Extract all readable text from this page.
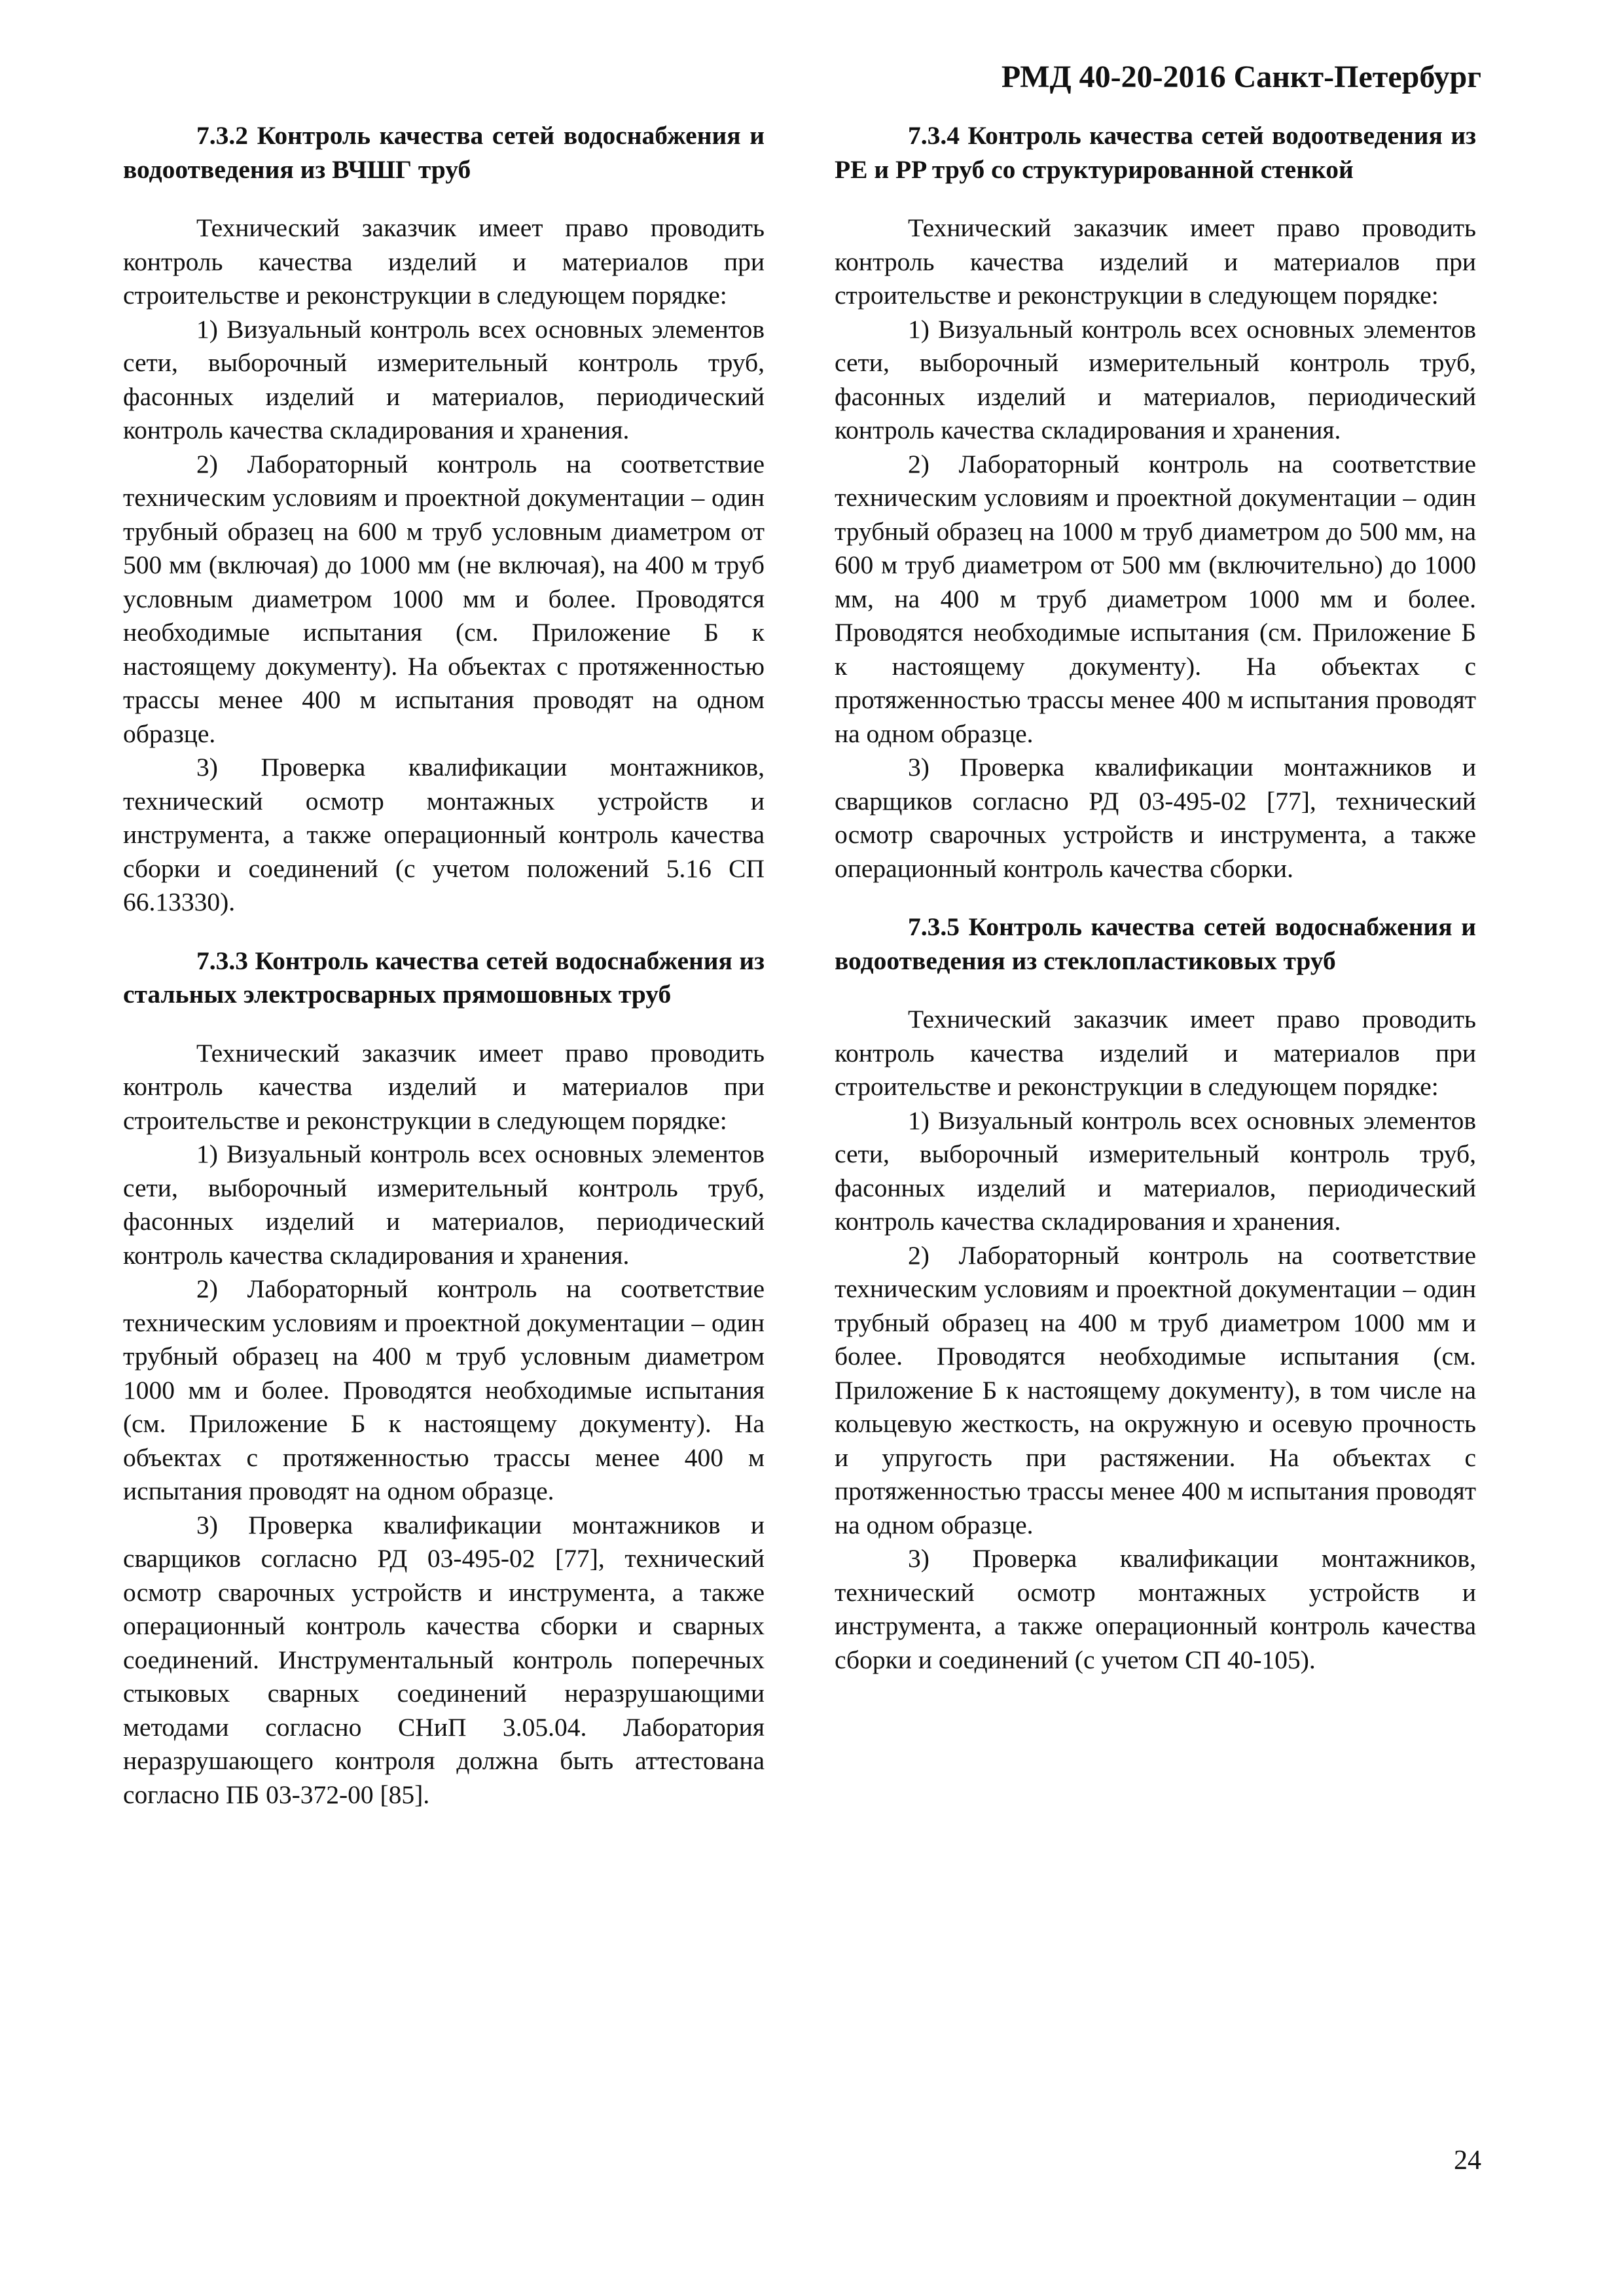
РМД 40-20-2016 Санкт-Петербург

7.3.2 Контроль качества сетей водоснабжения и водоотведения из ВЧШГ труб

Технический заказчик имеет право проводить контроль качества изделий и материалов при строительстве и реконструкции в следующем порядке:

1) Визуальный контроль всех основных элементов сети, выборочный измерительный контроль труб, фасонных изделий и материалов, периодический контроль качества складирования и хранения.

2) Лабораторный контроль на соответствие техническим условиям и проектной документации – один трубный образец на 600 м труб условным диаметром от 500 мм (включая) до 1000 мм (не включая), на 400 м труб условным диаметром 1000 мм и более. Проводятся необходимые испытания (см. Приложение Б к настоящему документу). На объектах с протяженностью трассы менее 400 м испытания проводят на одном образце.

3) Проверка квалификации монтажников, технический осмотр монтажных устройств и инструмента, а также операционный контроль качества сборки и соединений (с учетом положений 5.16 СП 66.13330).

7.3.3 Контроль качества сетей водоснабжения из стальных электросварных прямошовных труб

Технический заказчик имеет право проводить контроль качества изделий и материалов при строительстве и реконструкции в следующем порядке:

1) Визуальный контроль всех основных элементов сети, выборочный измерительный контроль труб, фасонных изделий и материалов, периодический контроль качества складирования и хранения.

2) Лабораторный контроль на соответствие техническим условиям и проектной документации – один трубный образец на 400 м труб условным диаметром 1000 мм и более. Проводятся необходимые испытания (см. Приложение Б к настоящему документу). На объектах с протяженностью трассы менее 400 м испытания проводят на одном образце.

3) Проверка квалификации монтажников и сварщиков согласно РД 03-495-02 [77], технический осмотр сварочных устройств и инструмента, а также операционный контроль качества сборки и сварных соединений. Инструментальный контроль поперечных стыковых сварных соединений неразрушающими методами согласно СНиП 3.05.04. Лаборатория неразрушающего контроля должна быть аттестована согласно ПБ 03-372-00 [85].

7.3.4 Контроль качества сетей водоотведения из PE и PP труб со структурированной стенкой

Технический заказчик имеет право проводить контроль качества изделий и материалов при строительстве и реконструкции в следующем порядке:

1) Визуальный контроль всех основных элементов сети, выборочный измерительный контроль труб, фасонных изделий и материалов, периодический контроль качества складирования и хранения.

2) Лабораторный контроль на соответствие техническим условиям и проектной документации – один трубный образец на 1000 м труб диаметром до 500 мм, на 600 м труб диаметром от 500 мм (включительно) до 1000 мм, на 400 м труб диаметром 1000 мм и более. Проводятся необходимые испытания (см. Приложение Б к настоящему документу). На объектах с протяженностью трассы менее 400 м испытания проводят на одном образце.

3) Проверка квалификации монтажников и сварщиков согласно РД 03-495-02 [77], технический осмотр сварочных устройств и инструмента, а также операционный контроль качества сборки.

7.3.5 Контроль качества сетей водоснабжения и водоотведения из стеклопластиковых труб

Технический заказчик имеет право проводить контроль качества изделий и материалов при строительстве и реконструкции в следующем порядке:

1) Визуальный контроль всех основных элементов сети, выборочный измерительный контроль труб, фасонных изделий и материалов, периодический контроль качества складирования и хранения.

2) Лабораторный контроль на соответствие техническим условиям и проектной документации – один трубный образец на 400 м труб диаметром 1000 мм и более. Проводятся необходимые испытания (см. Приложение Б к настоящему документу), в том числе на кольцевую жесткость, на окружную и осевую прочность и упругость при растяжении. На объектах с протяженностью трассы менее 400 м испытания проводят на одном образце.

3) Проверка квалификации монтажников, технический осмотр монтажных устройств и инструмента, а также операционный контроль качества сборки и соединений (с учетом СП 40-105).

24
